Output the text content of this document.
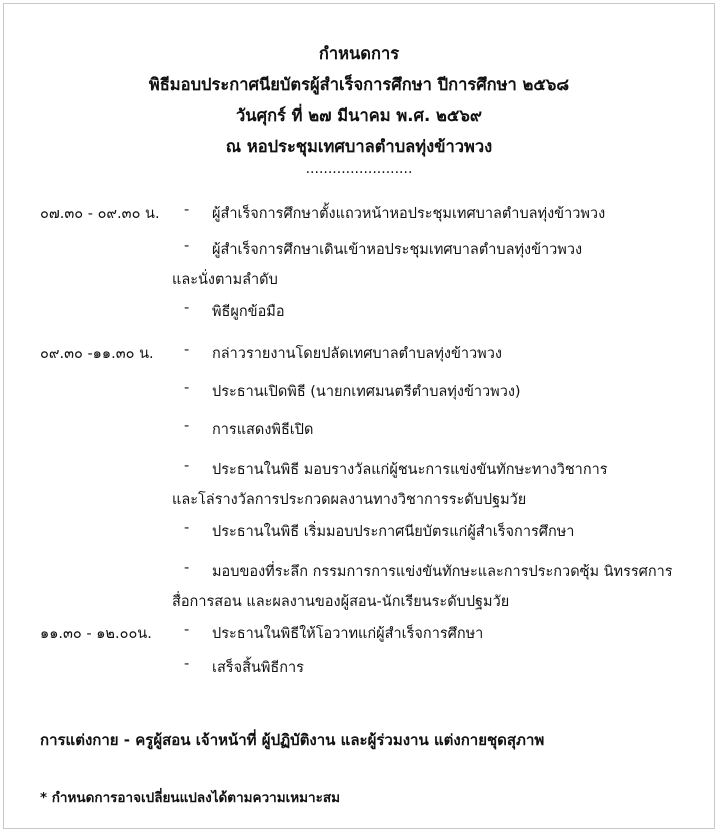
กำหนดการ
พิธีมอบประกาศนียบัตรผู้สำเร็จการศึกษา ปีการศึกษา ๒๕๖๘
วันศุกร์ ที่ ๒๗ มีนาคม พ.ศ. ๒๕๖๙
ณ หอประชุมเทศบาลตำบลทุ่งข้าวพวง
........................
๐๗.๓๐ - ๐๙.๓๐ น. - ผู้สำเร็จการศึกษาตั้งแถวหน้าหอประชุมเทศบาลตำบลทุ่งข้าวพวง
- ผู้สำเร็จการศึกษาเดินเข้าหอประชุมเทศบาลตำบลทุ่งข้าวพวง
และนั่งตามลำดับ
- พิธีผูกข้อมือ
๐๙.๓๐ -๑๑.๓๐ น. - กล่าวรายงานโดยปลัดเทศบาลตำบลทุ่งข้าวพวง
- ประธานเปิดพิธี (นายกเทศมนตรีตำบลทุ่งข้าวพวง)
- การแสดงพิธีเปิด
- ประธานในพิธี มอบรางวัลแก่ผู้ชนะการแข่งขันทักษะทางวิชาการ
และโล่รางวัลการประกวดผลงานทางวิชาการระดับปฐมวัย
- ประธานในพิธี เริ่มมอบประกาศนียบัตรแก่ผู้สำเร็จการศึกษา
- มอบของที่ระลึก กรรมการการแข่งขันทักษะและการประกวดซุ้ม นิทรรศการ
สื่อการสอน และผลงานของผู้สอน-นักเรียนระดับปฐมวัย
๑๑.๓๐ - ๑๒.๐๐น. - ประธานในพิธีให้โอวาทแก่ผู้สำเร็จการศึกษา
- เสร็จสิ้นพิธีการ
การแต่งกาย - ครูผู้สอน เจ้าหน้าที่ ผู้ปฏิบัติงาน และผู้ร่วมงาน แต่งกายชุดสุภาพ
* กำหนดการอาจเปลี่ยนแปลงได้ตามความเหมาะสม
